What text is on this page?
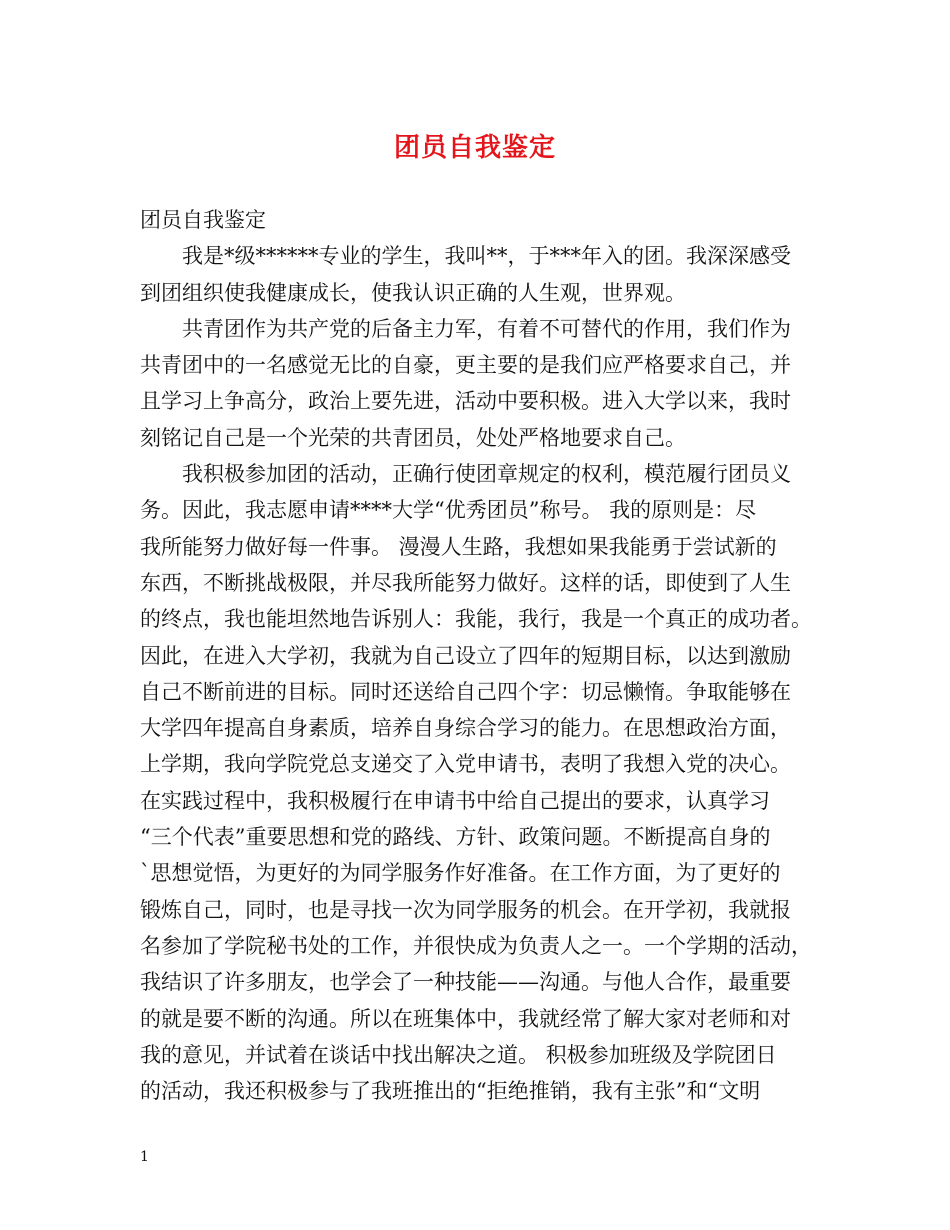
团员自我鉴定
团员自我鉴定
　　我是*级******专业的学生，我叫**，于***年入的团。我深深感受
到团组织使我健康成长，使我认识正确的人生观，世界观。
　　共青团作为共产党的后备主力军，有着不可替代的作用，我们作为
共青团中的一名感觉无比的自豪，更主要的是我们应严格要求自己，并
且学习上争高分，政治上要先进，活动中要积极。进入大学以来，我时
刻铭记自己是一个光荣的共青团员，处处严格地要求自己。
　　我积极参加团的活动，正确行使团章规定的权利，模范履行团员义
务。因此，我志愿申请****大学“优秀团员”称号。 我的原则是：尽
我所能努力做好每一件事。 漫漫人生路，我想如果我能勇于尝试新的
东西，不断挑战极限，并尽我所能努力做好。这样的话，即使到了人生
的终点，我也能坦然地告诉别人：我能，我行，我是一个真正的成功者。
因此，在进入大学初，我就为自己设立了四年的短期目标，以达到激励
自己不断前进的目标。同时还送给自己四个字：切忌懒惰。争取能够在
大学四年提高自身素质，培养自身综合学习的能力。在思想政治方面，
上学期，我向学院党总支递交了入党申请书，表明了我想入党的决心。
在实践过程中，我积极履行在申请书中给自己提出的要求，认真学习
“三个代表”重要思想和党的路线、方针、政策问题。不断提高自身的
`思想觉悟，为更好的为同学服务作好准备。在工作方面，为了更好的
锻炼自己，同时，也是寻找一次为同学服务的机会。在开学初，我就报
名参加了学院秘书处的工作，并很快成为负责人之一。一个学期的活动，
我结识了许多朋友，也学会了一种技能——沟通。与他人合作，最重要
的就是要不断的沟通。所以在班集体中，我就经常了解大家对老师和对
我的意见，并试着在谈话中找出解决之道。 积极参加班级及学院团日
的活动，我还积极参与了我班推出的“拒绝推销，我有主张”和“文明
1
